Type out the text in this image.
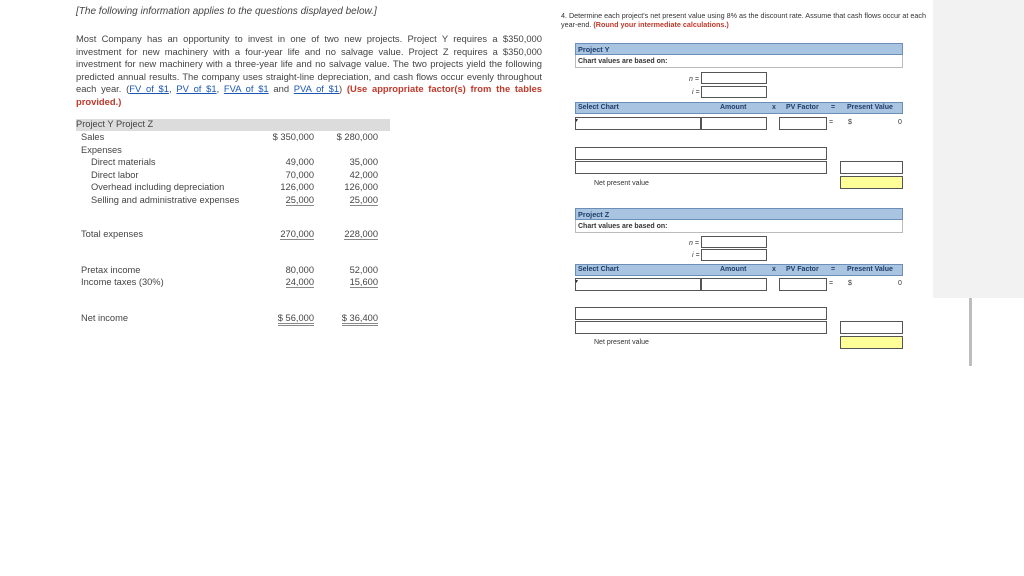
[The following information applies to the questions displayed below.]
Most Company has an opportunity to invest in one of two new projects. Project Y requires a $350,000 investment for new machinery with a four-year life and no salvage value. Project Z requires a $350,000 investment for new machinery with a three-year life and no salvage value. The two projects yield the following predicted annual results. The company uses straight-line depreciation, and cash flows occur evenly throughout each year. (FV of $1, PV of $1, FVA of $1 and PVA of $1) (Use appropriate factor(s) from the tables provided.)
Project Y Project Z
Sales	$ 350,000 $ 280,000
Expenses
Direct materials	49,000	35,000
Direct labor	70,000	42,000
Overhead including depreciation	126,000	126,000
Selling and administrative expenses	25,000	25,000
Total expenses	270,000	228,000
Pretax income	80,000	52,000
Income taxes (30%)	24,000	15,600
Net income	$ 56,000	$ 36,400
4. Determine each project's net present value using 8% as the discount rate. Assume that cash flows occur at each year-end. (Round your intermediate calculations.)
Project Y
Chart values are based on:
n =
i =
Select Chart	Amount	x PV Factor = Present Value
▾	= $	0
Net present value
Project Z
Chart values are based on:
n =
i =
Select Chart	Amount	x PV Factor = Present Value
▾	= $	0
Net present value
